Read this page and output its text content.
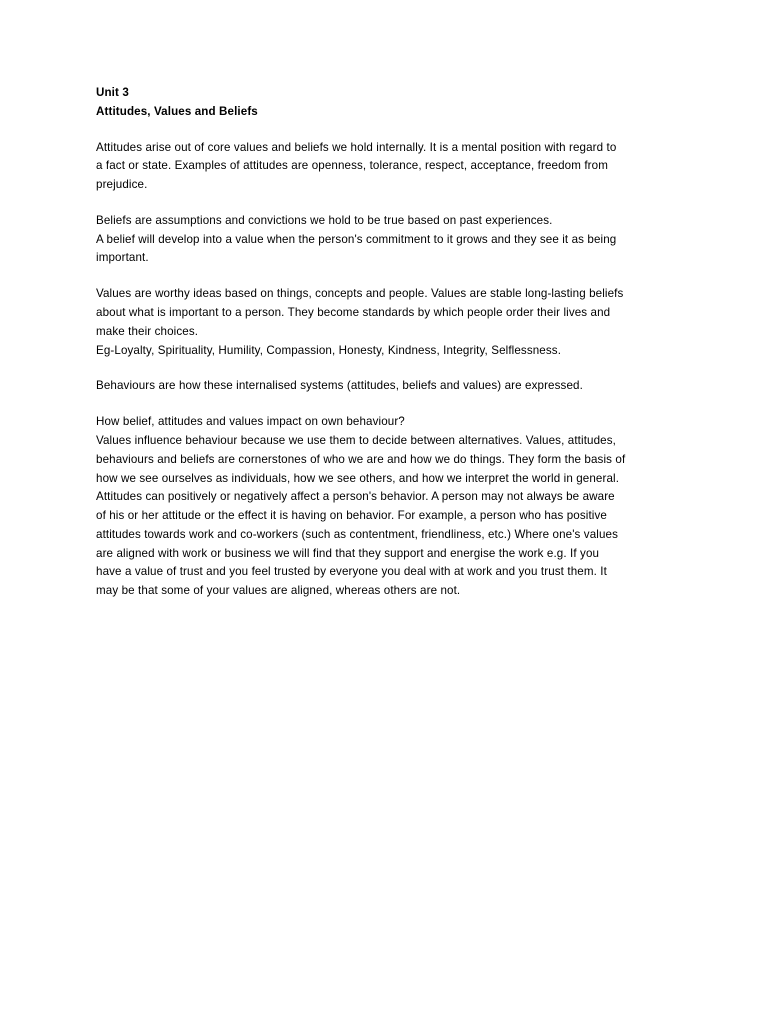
Unit 3
Attitudes, Values and Beliefs
Attitudes arise out of core values and beliefs we hold internally. It is a mental position with regard to
a fact or state. Examples of attitudes are openness, tolerance, respect, acceptance, freedom from
prejudice.
Beliefs are assumptions and convictions we hold to be true based on past experiences.
A belief will develop into a value when the person's commitment to it grows and they see it as being
important.
Values are worthy ideas based on things, concepts and people. Values are stable long-lasting beliefs
about what is important to a person. They become standards by which people order their lives and
make their choices.
Eg-Loyalty, Spirituality, Humility, Compassion, Honesty, Kindness, Integrity, Selflessness.
Behaviours are how these internalised systems (attitudes, beliefs and values) are expressed.
How belief, attitudes and values impact on own behaviour?
Values influence behaviour because we use them to decide between alternatives. Values, attitudes,
behaviours and beliefs are cornerstones of who we are and how we do things. They form the basis of
how we see ourselves as individuals, how we see others, and how we interpret the world in general.
Attitudes can positively or negatively affect a person's behavior. A person may not always be aware
of his or her attitude or the effect it is having on behavior. For example, a person who has positive
attitudes towards work and co-workers (such as contentment, friendliness, etc.) Where one's values
are aligned with work or business we will find that they support and energise the work e.g. If you
have a value of trust and you feel trusted by everyone you deal with at work and you trust them. It
may be that some of your values are aligned, whereas others are not.
